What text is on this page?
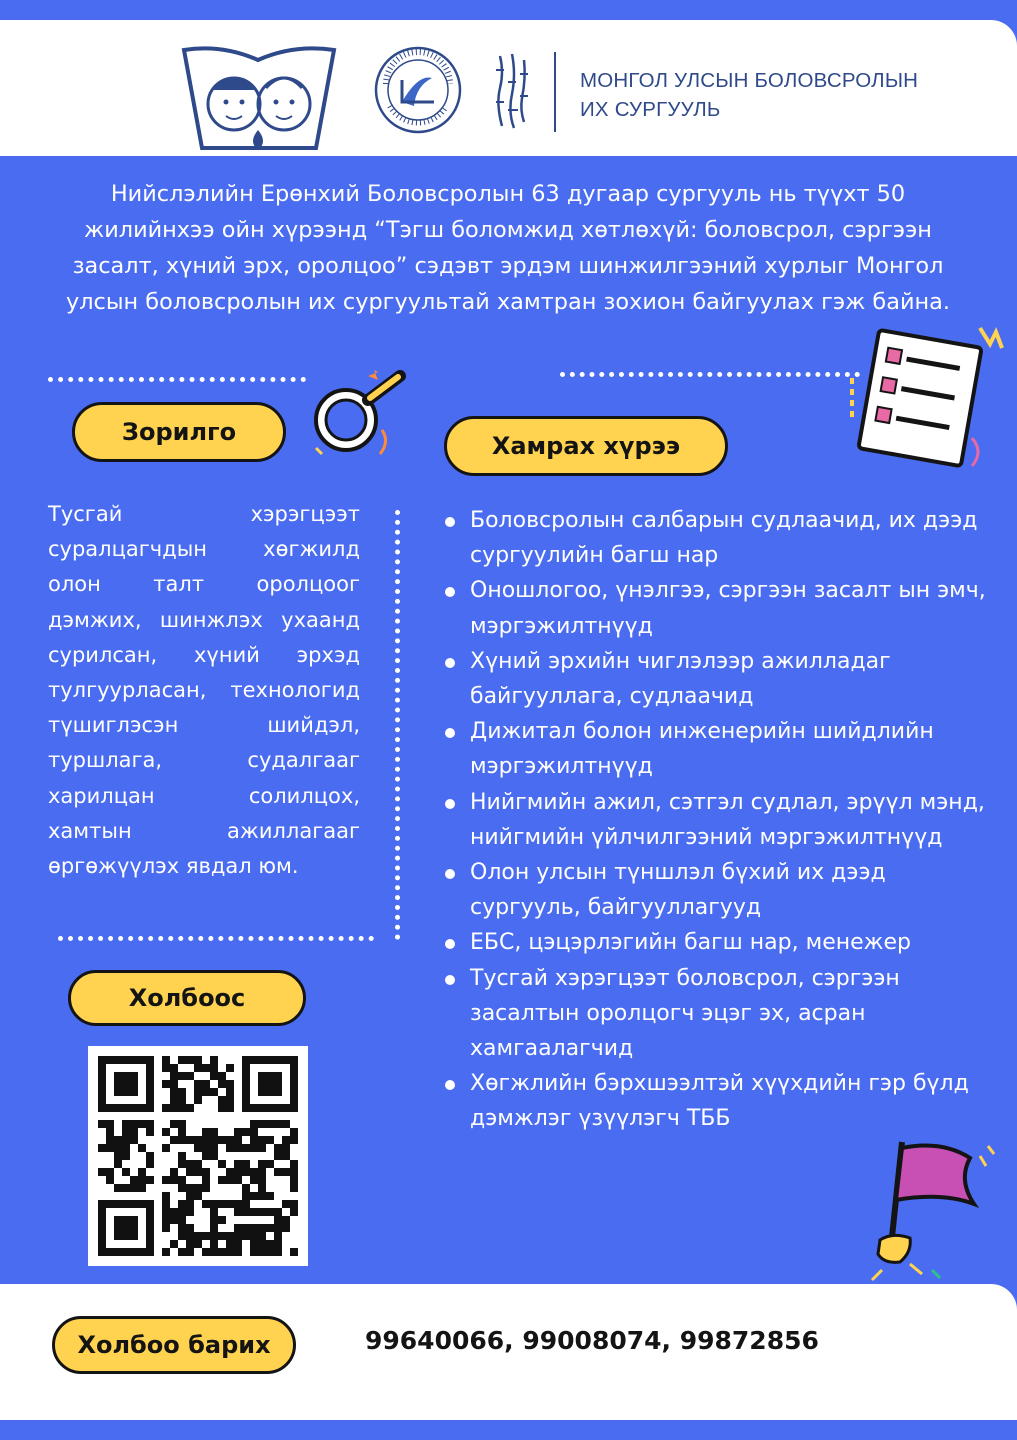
МОНГОЛ УЛСЫН БОЛОВСРОЛЫН
ИХ СУРГУУЛЬ
Нийслэлийн Ерөнхий Боловсролын 63 дугаар сургууль нь түүхт 50 жилийнхээ ойн хүрээнд “Тэгш боломжид хөтлөхүй: боловсрол, сэргээн засалт, хүний эрх, оролцоо” сэдэвт эрдэм шинжилгээний хурлыг Монгол улсын боловсролын их сургуультай хамтран зохион байгуулах гэж байна.
Зорилго
Тусгай хэрэгцээт суралцагчдын хөгжилд олон талт оролцоог дэмжих, шинжлэх ухаанд сурилсан, хүний эрхэд тулгуурласан, технологид түшиглэсэн шийдэл, туршлага, судалгааг харилцан солилцох, хамтын ажиллагааг өргөжүүлэх явдал юм.
Хамрах хүрээ
Боловсролын салбарын судлаачид, их дээд сургуулийн багш нар
Оношлогоо, үнэлгээ, сэргээн засалт ын эмч, мэргэжилтнүүд
Хүний эрхийн чиглэлээр ажилладаг байгууллага, судлаачид
Дижитал болон инженерийн шийдлийн мэргэжилтнүүд
Нийгмийн ажил, сэтгэл судлал, эрүүл мэнд, нийгмийн үйлчилгээний мэргэжилтнүүд
Олон улсын түншлэл бүхий их дээд сургууль, байгууллагууд
ЕБС, цэцэрлэгийн багш нар, менежер
Тусгай хэрэгцээт боловсрол, сэргээн засалтын оролцогч эцэг эх, асран хамгаалагчид
Хөгжлийн бэрхшээлтэй хүүхдийн гэр бүлд дэмжлэг үзүүлэгч ТББ
Холбоос
Холбоо барих	99640066, 99008074, 99872856
